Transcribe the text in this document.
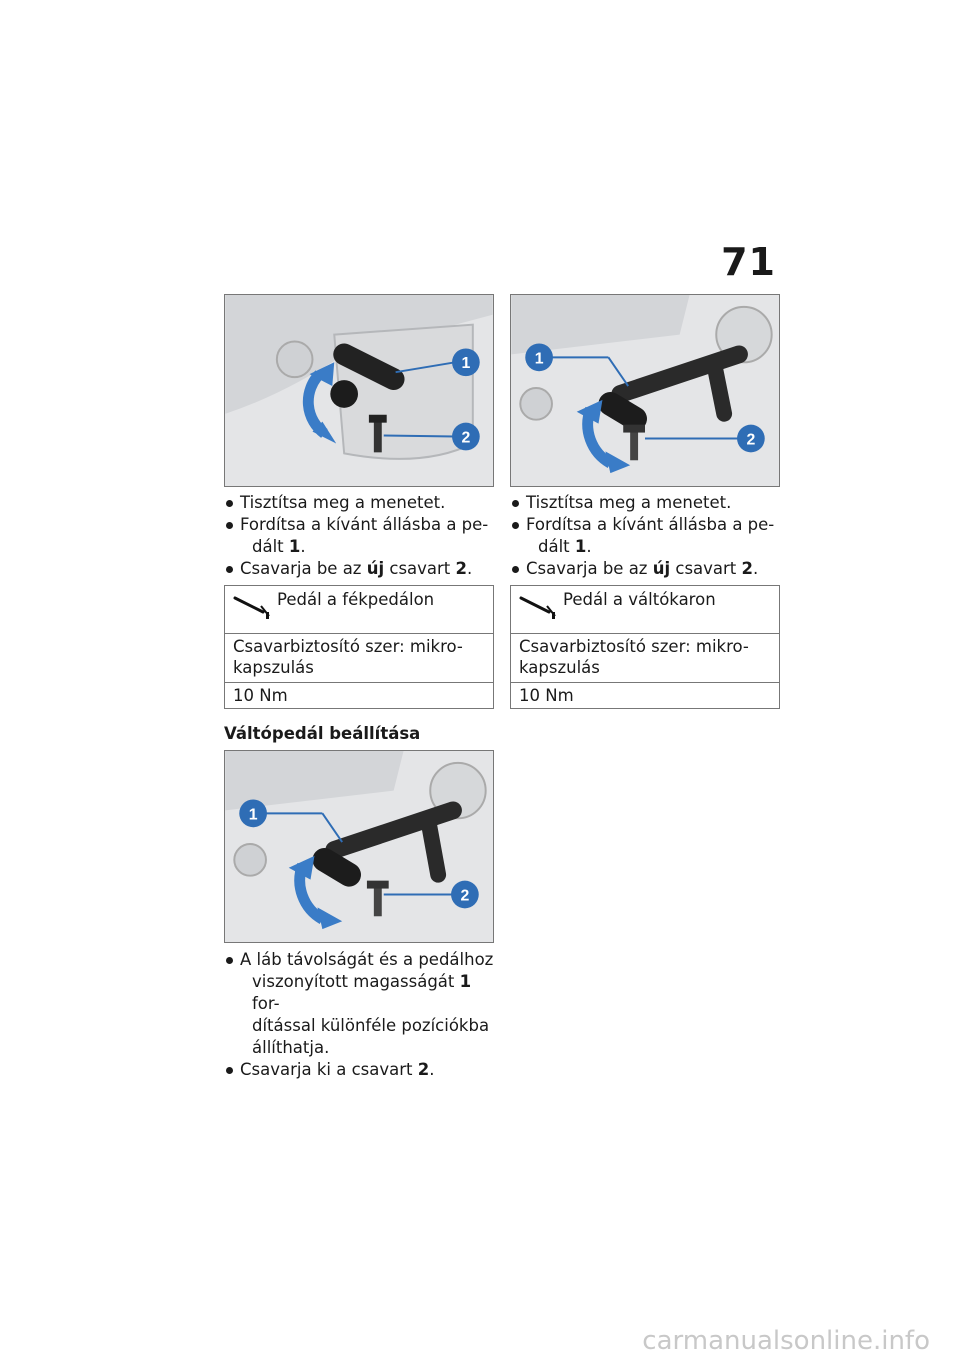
71
1
2
1
2
Tisztítsa meg a menetet.
Fordítsa a kívánt állásba a pe-
dált 1.
Csavarja be az új csavart 2.
Tisztítsa meg a menetet.
Fordítsa a kívánt állásba a pe-
dált 1.
Csavarja be az új csavart 2.
Pedál a fékpedálon
Csavarbiztosító szer: mikro-
kapszulás
10 Nm
Pedál a váltókaron
Csavarbiztosító szer: mikro-
kapszulás
10 Nm
Váltópedál beállítása
1
2
A láb távolságát és a pedálhoz
viszonyított magasságát 1 for-
dítással különféle pozíciókba
állíthatja.
Csavarja ki a csavart 2.
carmanualsonline.info
